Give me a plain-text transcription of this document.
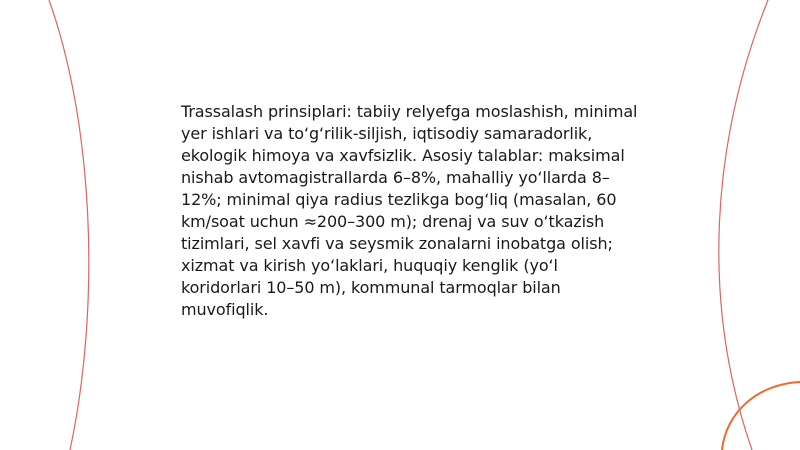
Trassalash prinsiplari: tabiiy relyefga moslashish, minimal yer ishlari va to‘g‘rilik-siljish, iqtisodiy samaradorlik, ekologik himoya va xavfsizlik. Asosiy talablar: maksimal nishab avtomagistrallarda 6–8%, mahalliy yo‘llarda 8–12%; minimal qiya radius tezlikga bog‘liq (masalan, 60 km/soat uchun ≈200–300 m); drenaj va suv o‘tkazish tizimlari, sel xavfi va seysmik zonalarni inobatga olish; xizmat va kirish yo‘laklari, huquqiy kenglik (yo‘l koridorlari 10–50 m), kommunal tarmoqlar bilan muvofiqlik.
